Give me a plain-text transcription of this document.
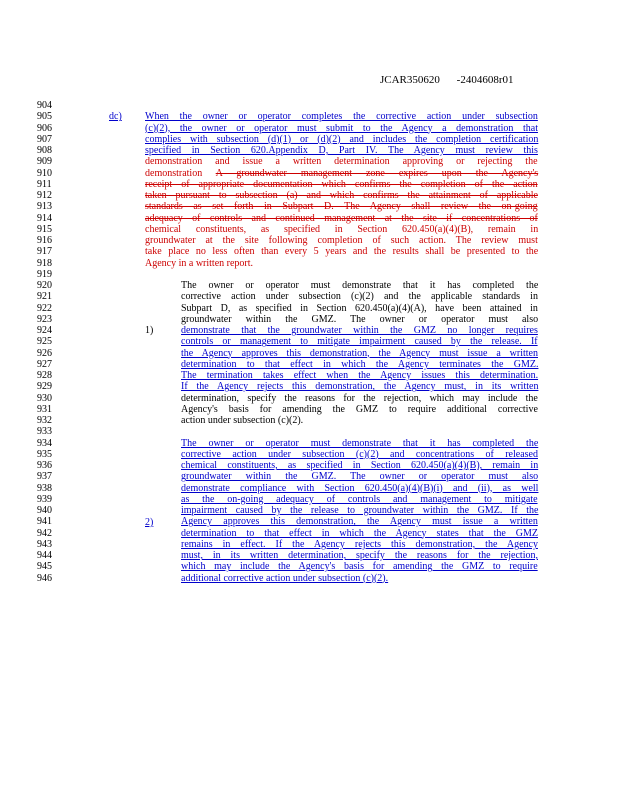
JCAR350620 -2404608r01
904
905
906
907
908
909
910
911
912
913
914
915
916
917
918
919
920
921
922
923
924
925
926
927
928
929
930
931
932
933
934
935
936
937
938
939
940
941
942
943
944
945
946
dc)
1)
2)
When the owner or operator completes the corrective action under subsection
(c)(2), the owner or operator must submit to the Agency a demonstration that
complies with subsection (d)(1) or (d)(2) and includes the completion certification
specified in Section 620.Appendix D, Part IV. The Agency must review this
demonstration and issue a written determination approving or rejecting the
demonstration A groundwater management zone expires upon the Agency's
receipt of appropriate documentation which confirms the completion of the action
taken pursuant to subsection (a) and which confirms the attainment of applicable
standards as set forth in Subpart D. The Agency shall review the on-going
adequacy of controls and continued management at the site if concentrations of
chemical constituents, as specified in Section 620.450(a)(4)(B), remain in
groundwater at the site following completion of such action. The review must
take place no less often than every 5 years and the results shall be presented to the
Agency in a written report.
The owner or operator must demonstrate that it has completed the
corrective action under subsection (c)(2) and the applicable standards in
Subpart D, as specified in Section 620.450(a)(4)(A), have been attained in
groundwater within the GMZ. The owner or operator must also
demonstrate that the groundwater within the GMZ no longer requires
controls or management to mitigate impairment caused by the release. If
the Agency approves this demonstration, the Agency must issue a written
determination to that effect in which the Agency terminates the GMZ.
The termination takes effect when the Agency issues this determination.
If the Agency rejects this demonstration, the Agency must, in its written
determination, specify the reasons for the rejection, which may include the
Agency's basis for amending the GMZ to require additional corrective
action under subsection (c)(2).
The owner or operator must demonstrate that it has completed the
corrective action under subsection (c)(2) and concentrations of released
chemical constituents, as specified in Section 620.450(a)(4)(B), remain in
groundwater within the GMZ. The owner or operator must also
demonstrate compliance with Section 620.450(a)(4)(B)(i) and (ii), as well
as the on-going adequacy of controls and management to mitigate
impairment caused by the release to groundwater within the GMZ. If the
Agency approves this demonstration, the Agency must issue a written
determination to that effect in which the Agency states that the GMZ
remains in effect. If the Agency rejects this demonstration, the Agency
must, in its written determination, specify the reasons for the rejection,
which may include the Agency's basis for amending the GMZ to require
additional corrective action under subsection (c)(2).
